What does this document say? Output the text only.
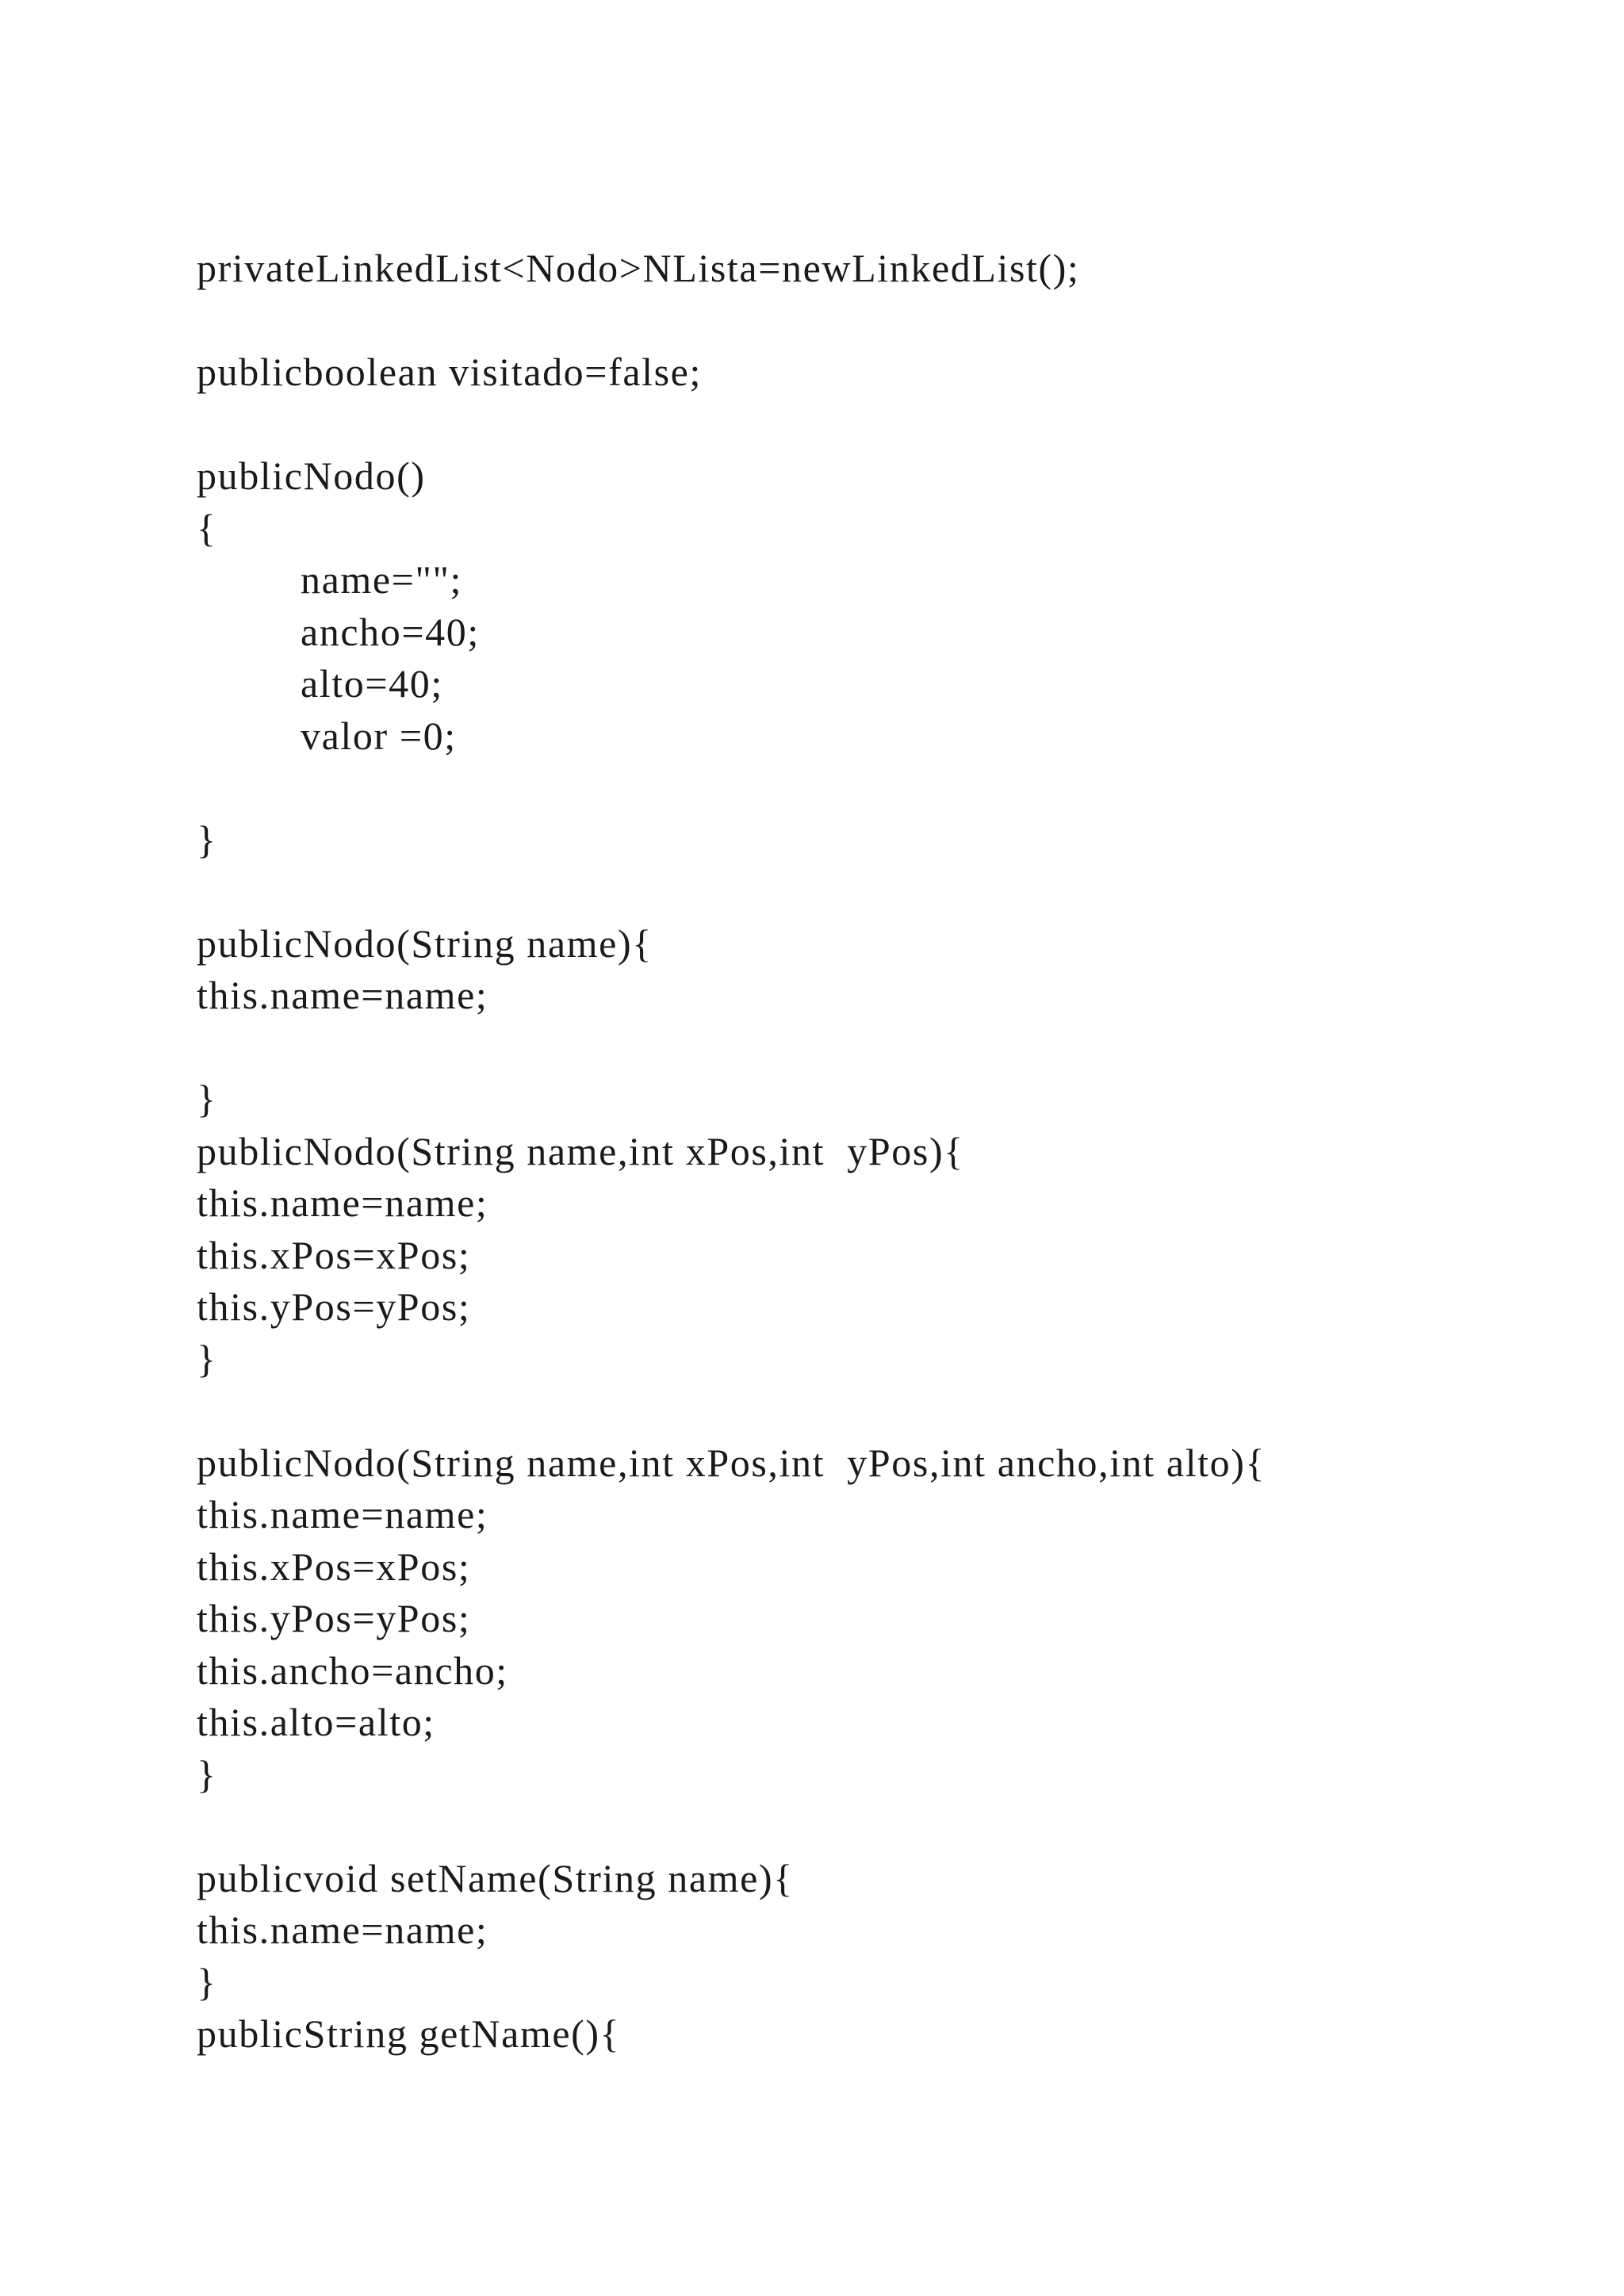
privateLinkedList<Nodo>NLista=newLinkedList();
publicboolean visitado=false;
publicNodo()
{
name="";
ancho=40;
alto=40;
valor =0;
}
publicNodo(String name){
this.name=name;
}
publicNodo(String name,int xPos,int  yPos){
this.name=name;
this.xPos=xPos;
this.yPos=yPos;
}
publicNodo(String name,int xPos,int  yPos,int ancho,int alto){
this.name=name;
this.xPos=xPos;
this.yPos=yPos;
this.ancho=ancho;
this.alto=alto;
}
publicvoid setName(String name){
this.name=name;
}
publicString getName(){
